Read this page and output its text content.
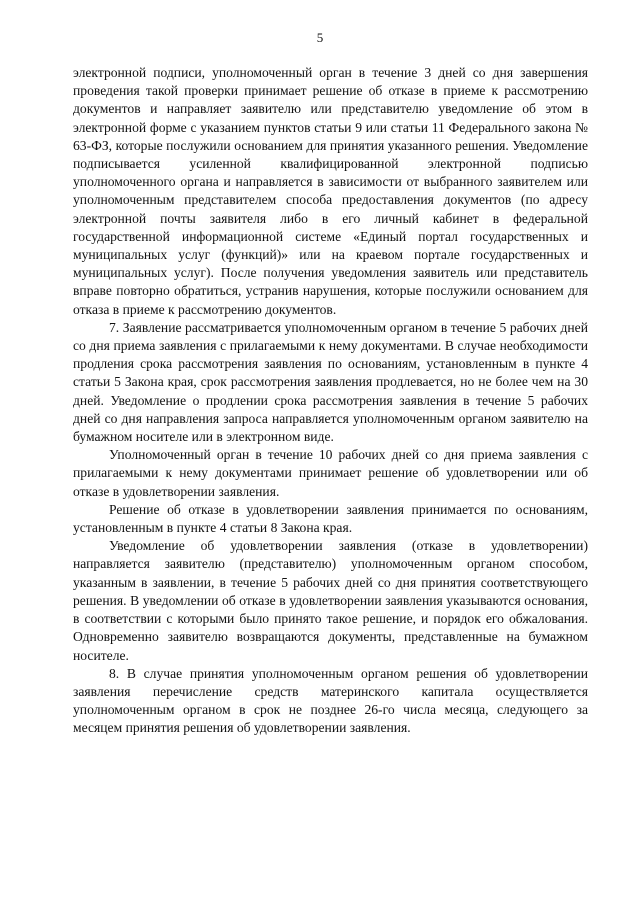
5

электронной подписи, уполномоченный орган в течение 3 дней со дня завершения проведения такой проверки принимает решение об отказе в приеме к рассмотрению документов и направляет заявителю или представителю уведомление об этом в электронной форме с указанием пунктов статьи 9 или статьи 11 Федерального закона № 63-ФЗ, которые послужили основанием для принятия указанного решения. Уведомление подписывается усиленной квалифицированной электронной подписью уполномоченного органа и направляется в зависимости от выбранного заявителем или уполномоченным представителем способа предоставления документов (по адресу электронной почты заявителя либо в его личный кабинет в федеральной государственной информационной системе «Единый портал государственных и муниципальных услуг (функций)» или на краевом портале государственных и муниципальных услуг). После получения уведомления заявитель или представитель вправе повторно обратиться, устранив нарушения, которые послужили основанием для отказа в приеме к рассмотрению документов.

7. Заявление рассматривается уполномоченным органом в течение 5 рабочих дней со дня приема заявления с прилагаемыми к нему документами. В случае необходимости продления срока рассмотрения заявления по основаниям, установленным в пункте 4 статьи 5 Закона края, срок рассмотрения заявления продлевается, но не более чем на 30 дней. Уведомление о продлении срока рассмотрения заявления в течение 5 рабочих дней со дня направления запроса направляется уполномоченным органом заявителю на бумажном носителе или в электронном виде.

Уполномоченный орган в течение 10 рабочих дней со дня приема заявления с прилагаемыми к нему документами принимает решение об удовлетворении или об отказе в удовлетворении заявления.

Решение об отказе в удовлетворении заявления принимается по основаниям, установленным в пункте 4 статьи 8 Закона края.

Уведомление об удовлетворении заявления (отказе в удовлетворении) направляется заявителю (представителю) уполномоченным органом способом, указанным в заявлении, в течение 5 рабочих дней со дня принятия соответствующего решения. В уведомлении об отказе в удовлетворении заявления указываются основания, в соответствии с которыми было принято такое решение, и порядок его обжалования. Одновременно заявителю возвращаются документы, представленные на бумажном носителе.

8. В случае принятия уполномоченным органом решения об удовлетворении заявления перечисление средств материнского капитала осуществляется уполномоченным органом в срок не позднее 26-го числа месяца, следующего за месяцем принятия решения об удовлетворении заявления.
